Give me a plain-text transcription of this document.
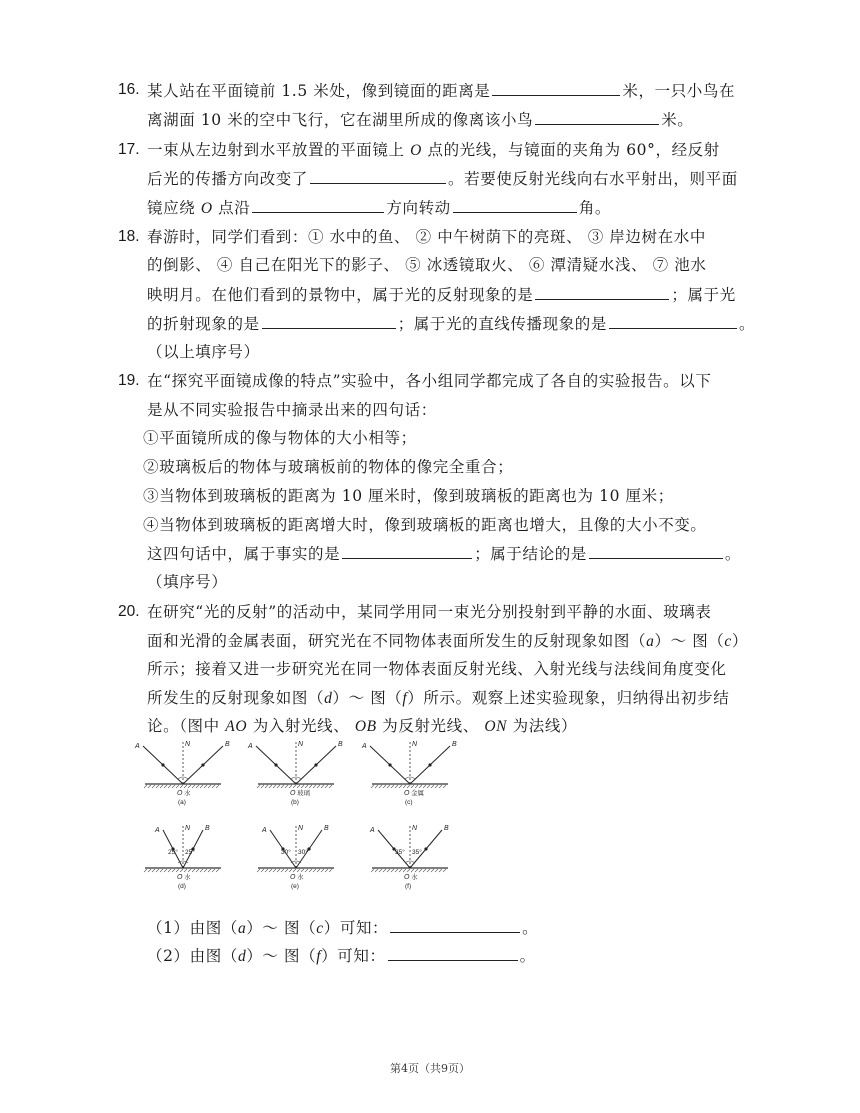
16. 某人站在平面镜前 1.5 米处，像到镜面的距离是	米，一只小鸟在
离湖面 10 米的空中飞行，它在湖里所成的像离该小鸟	米。
17. 一束从左边射到水平放置的平面镜上 O 点的光线，与镜面的夹角为 60°，经反射
后光的传播方向改变了	。若要使反射光线向右水平射出，则平面
镜应绕 O 点沿	方向转动	角。
18. 春游时，同学们看到：① 水中的鱼、 ② 中午树荫下的亮斑、 ③ 岸边树在水中
的倒影、 ④ 自己在阳光下的影子、 ⑤ 冰透镜取火、 ⑥ 潭清疑水浅、 ⑦ 池水
映明月。在他们看到的景物中，属于光的反射现象的是	；属于光
的折射现象的是	；属于光的直线传播现象的是	。
（以上填序号）
19. 在“探究平面镜成像的特点”实验中，各小组同学都完成了各自的实验报告。以下
是从不同实验报告中摘录出来的四句话：
①平面镜所成的像与物体的大小相等；
②玻璃板后的物体与玻璃板前的物体的像完全重合；
③当物体到玻璃板的距离为 10 厘米时，像到玻璃板的距离也为 10 厘米；
④当物体到玻璃板的距离增大时，像到玻璃板的距离也增大，且像的大小不变。
这四句话中，属于事实的是	；属于结论的是	。
（填序号）
20. 在研究“光的反射”的活动中，某同学用同一束光分别投射到平静的水面、玻璃表
面和光滑的金属表面，研究光在不同物体表面所发生的反射现象如图（a）～ 图（c）
所示；接着又进一步研究光在同一物体表面反射光线、入射光线与法线间角度变化
所发生的反射现象如图（d）～ 图（f）所示。观察上述实验现象，归纳得出初步结
论。（图中 AO 为入射光线、 OB 为反射光线、 ON 为法线）
N
A	B
O 水
(a)
N
A	B
O 玻璃
(b)
N
A	B
O 金属
(c)
N
A	B
25° 25°
O 水
(d)
N
A	B
30° 30°
O 水
(e)
N
A	B
35° 35°
O 水
(f)
（1）由图（a）～ 图（c）可知：	。
（2）由图（d）～ 图（f）可知：	。
第4页（共9页）
